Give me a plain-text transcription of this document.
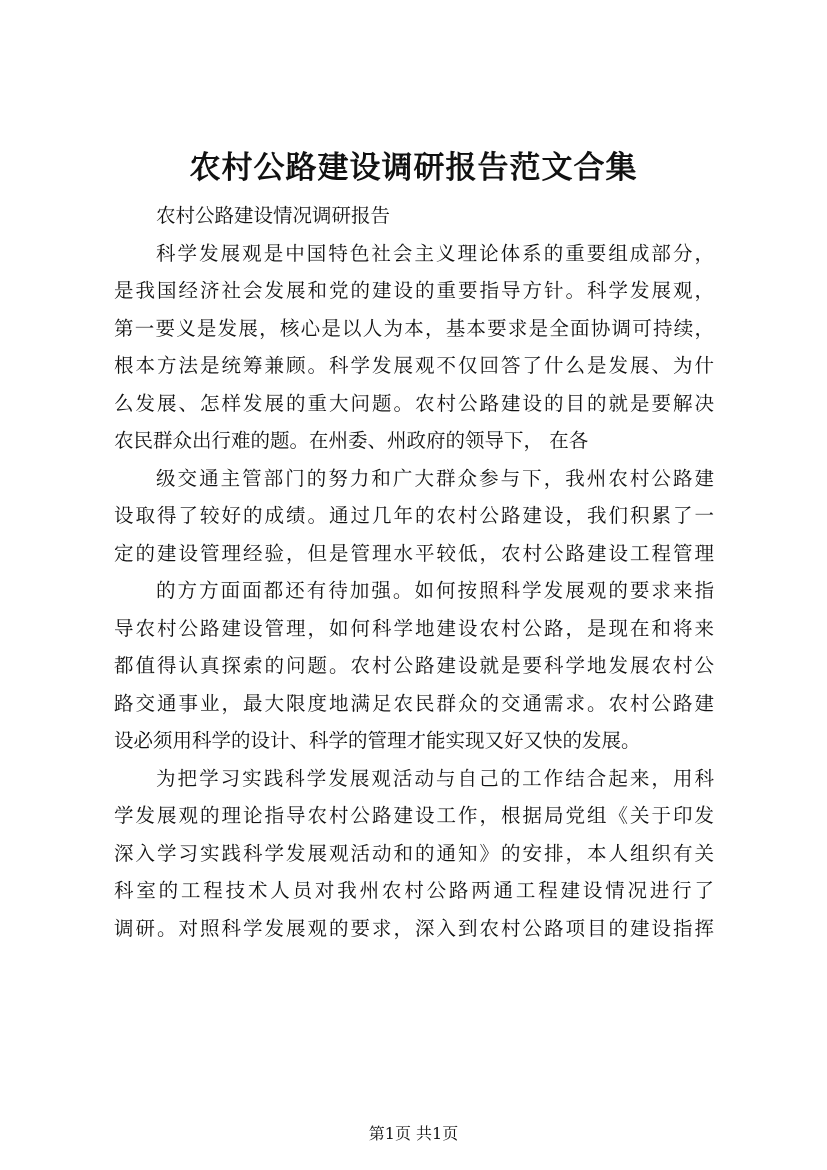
农村公路建设调研报告范文合集
农村公路建设情况调研报告
科学发展观是中国特色社会主义理论体系的重要组成部分，
是我国经济社会发展和党的建设的重要指导方针。科学发展观，
第一要义是发展，核心是以人为本，基本要求是全面协调可持续，
根本方法是统筹兼顾。科学发展观不仅回答了什么是发展、为什
么发展、怎样发展的重大问题。农村公路建设的目的就是要解决
农民群众出行难的题。在州委、州政府的领导下， 在各
级交通主管部门的努力和广大群众参与下，我州农村公路建
设取得了较好的成绩。通过几年的农村公路建设，我们积累了一
定的建设管理经验，但是管理水平较低，农村公路建设工程管理
的方方面面都还有待加强。如何按照科学发展观的要求来指
导农村公路建设管理，如何科学地建设农村公路，是现在和将来
都值得认真探索的问题。农村公路建设就是要科学地发展农村公
路交通事业，最大限度地满足农民群众的交通需求。农村公路建
设必须用科学的设计、科学的管理才能实现又好又快的发展。
为把学习实践科学发展观活动与自己的工作结合起来，用科
学发展观的理论指导农村公路建设工作，根据局党组《关于印发
深入学习实践科学发展观活动和的通知》的安排，本人组织有关
科室的工程技术人员对我州农村公路两通工程建设情况进行了
调研。对照科学发展观的要求，深入到农村公路项目的建设指挥
第1页 共1页
